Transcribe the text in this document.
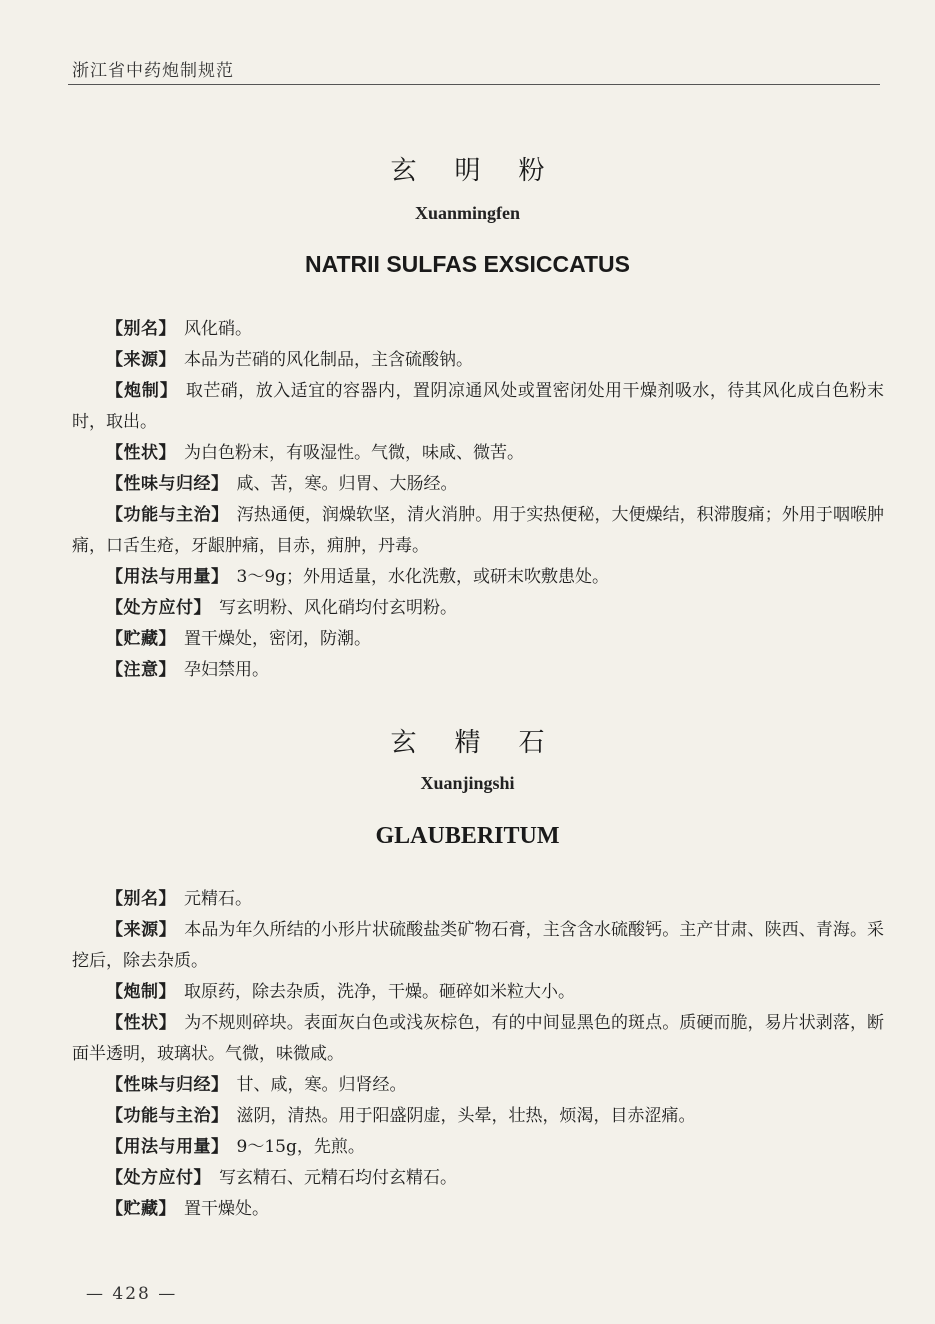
浙江省中药炮制规范
玄明粉
Xuanmingfen
NATRII SULFAS EXSICCATUS

【别名】 风化硝。

【来源】 本品为芒硝的风化制品，主含硫酸钠。

【炮制】 取芒硝，放入适宜的容器内，置阴凉通风处或置密闭处用干燥剂吸水，待其风化成白色粉末时，取出。

【性状】 为白色粉末，有吸湿性。气微，味咸、微苦。

【性味与归经】 咸、苦，寒。归胃、大肠经。

【功能与主治】 泻热通便，润燥软坚，清火消肿。用于实热便秘，大便燥结，积滞腹痛；外用于咽喉肿痛，口舌生疮，牙龈肿痛，目赤，痈肿，丹毒。

【用法与用量】 3～9g；外用适量，水化洗敷，或研末吹敷患处。

【处方应付】 写玄明粉、风化硝均付玄明粉。

【贮藏】 置干燥处，密闭，防潮。

【注意】 孕妇禁用。

玄精石
Xuanjingshi
GLAUBERITUM

【别名】 元精石。

【来源】 本品为年久所结的小形片状硫酸盐类矿物石膏，主含含水硫酸钙。主产甘肃、陕西、青海。采挖后，除去杂质。

【炮制】 取原药，除去杂质，洗净，干燥。砸碎如米粒大小。

【性状】 为不规则碎块。表面灰白色或浅灰棕色，有的中间显黑色的斑点。质硬而脆，易片状剥落，断面半透明，玻璃状。气微，味微咸。

【性味与归经】 甘、咸，寒。归肾经。

【功能与主治】 滋阴，清热。用于阳盛阴虚，头晕，壮热，烦渴，目赤涩痛。

【用法与用量】 9～15g，先煎。

【处方应付】 写玄精石、元精石均付玄精石。

【贮藏】 置干燥处。

— 428 —
